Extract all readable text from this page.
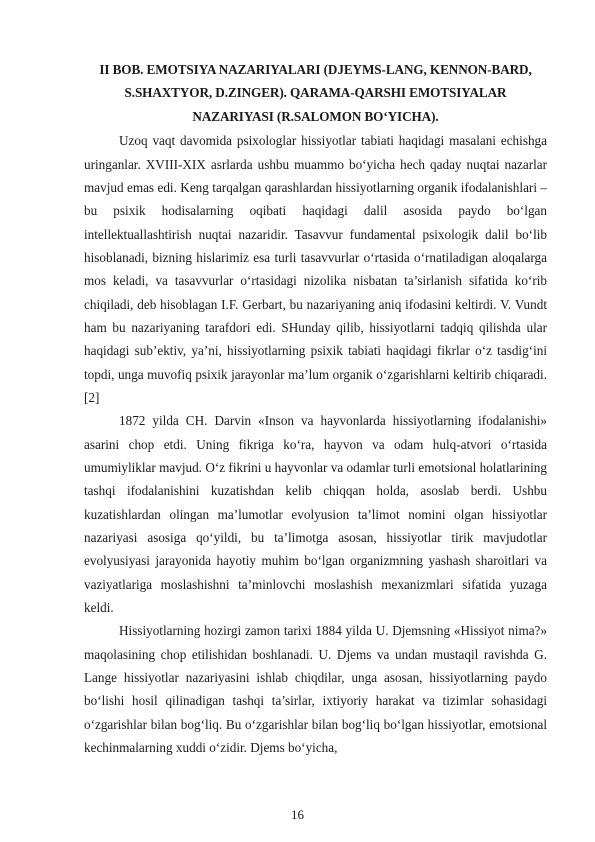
II BOB. EMOTSIYA NAZARIYALARI (DJEYMS-LANG, KENNON-BARD, S.SHAXTYOR, D.ZINGER). QARAMA-QARSHI EMOTSIYALAR NAZARIYASI (R.SALOMON BO‘YICHA).

Uzoq vaqt davomida psixologlar hissiyotlar tabiati haqidagi masalani echishga uringanlar. XVIII-XIX asrlarda ushbu muammo bo‘yicha hech qaday nuqtai nazarlar mavjud emas edi. Keng tarqalgan qarashlardan hissiyotlarning organik ifodalanishlari – bu psixik hodisalarning oqibati haqidagi dalil asosida paydo bo‘lgan intellektuallashtirish nuqtai nazaridir. Tasavvur fundamental psixologik dalil bo‘lib hisoblanadi, bizning hislarimiz esa turli tasavvurlar o‘rtasida o‘rnatiladigan aloqalarga mos keladi, va tasavvurlar o‘rtasidagi nizolika nisbatan ta’sirlanish sifatida ko‘rib chiqiladi, deb hisoblagan I.F. Gerbart, bu nazariyaning aniq ifodasini keltirdi. V. Vundt ham bu nazariyaning tarafdori edi. SHunday qilib, hissiyotlarni tadqiq qilishda ular haqidagi sub’ektiv, ya’ni, hissiyotlarning psixik tabiati haqidagi fikrlar o‘z tasdig‘ini topdi, unga muvofiq psixik jarayonlar ma’lum organik o‘zgarishlarni keltirib chiqaradi.[2]

1872 yilda CH. Darvin «Inson va hayvonlarda hissiyotlarning ifodalanishi» asarini chop etdi. Uning fikriga ko‘ra, hayvon va odam hulq-atvori o‘rtasida umumiyliklar mavjud. O‘z fikrini u hayvonlar va odamlar turli emotsional holatlarining tashqi ifodalanishini kuzatishdan kelib chiqqan holda, asoslab berdi. Ushbu kuzatishlardan olingan ma’lumotlar evolyusion ta’limot nomini olgan hissiyotlar nazariyasi asosiga qo‘yildi, bu ta’limotga asosan, hissiyotlar tirik mavjudotlar evolyusiyasi jarayonida hayotiy muhim bo‘lgan organizmning yashash sharoitlari va vaziyatlariga moslashishni ta’minlovchi moslashish mexanizmlari sifatida yuzaga keldi.

Hissiyotlarning hozirgi zamon tarixi 1884 yilda U. Djemsning «Hissiyot nima?» maqolasining chop etilishidan boshlanadi. U. Djems va undan mustaqil ravishda G. Lange hissiyotlar nazariyasini ishlab chiqdilar, unga asosan, hissiyotlarning paydo bo‘lishi hosil qilinadigan tashqi ta’sirlar, ixtiyoriy harakat va tizimlar sohasidagi o‘zgarishlar bilan bog‘liq. Bu o‘zgarishlar bilan bog‘liq bo‘lgan hissiyotlar, emotsional kechinmalarning xuddi o‘zidir. Djems bo‘yicha,

16
